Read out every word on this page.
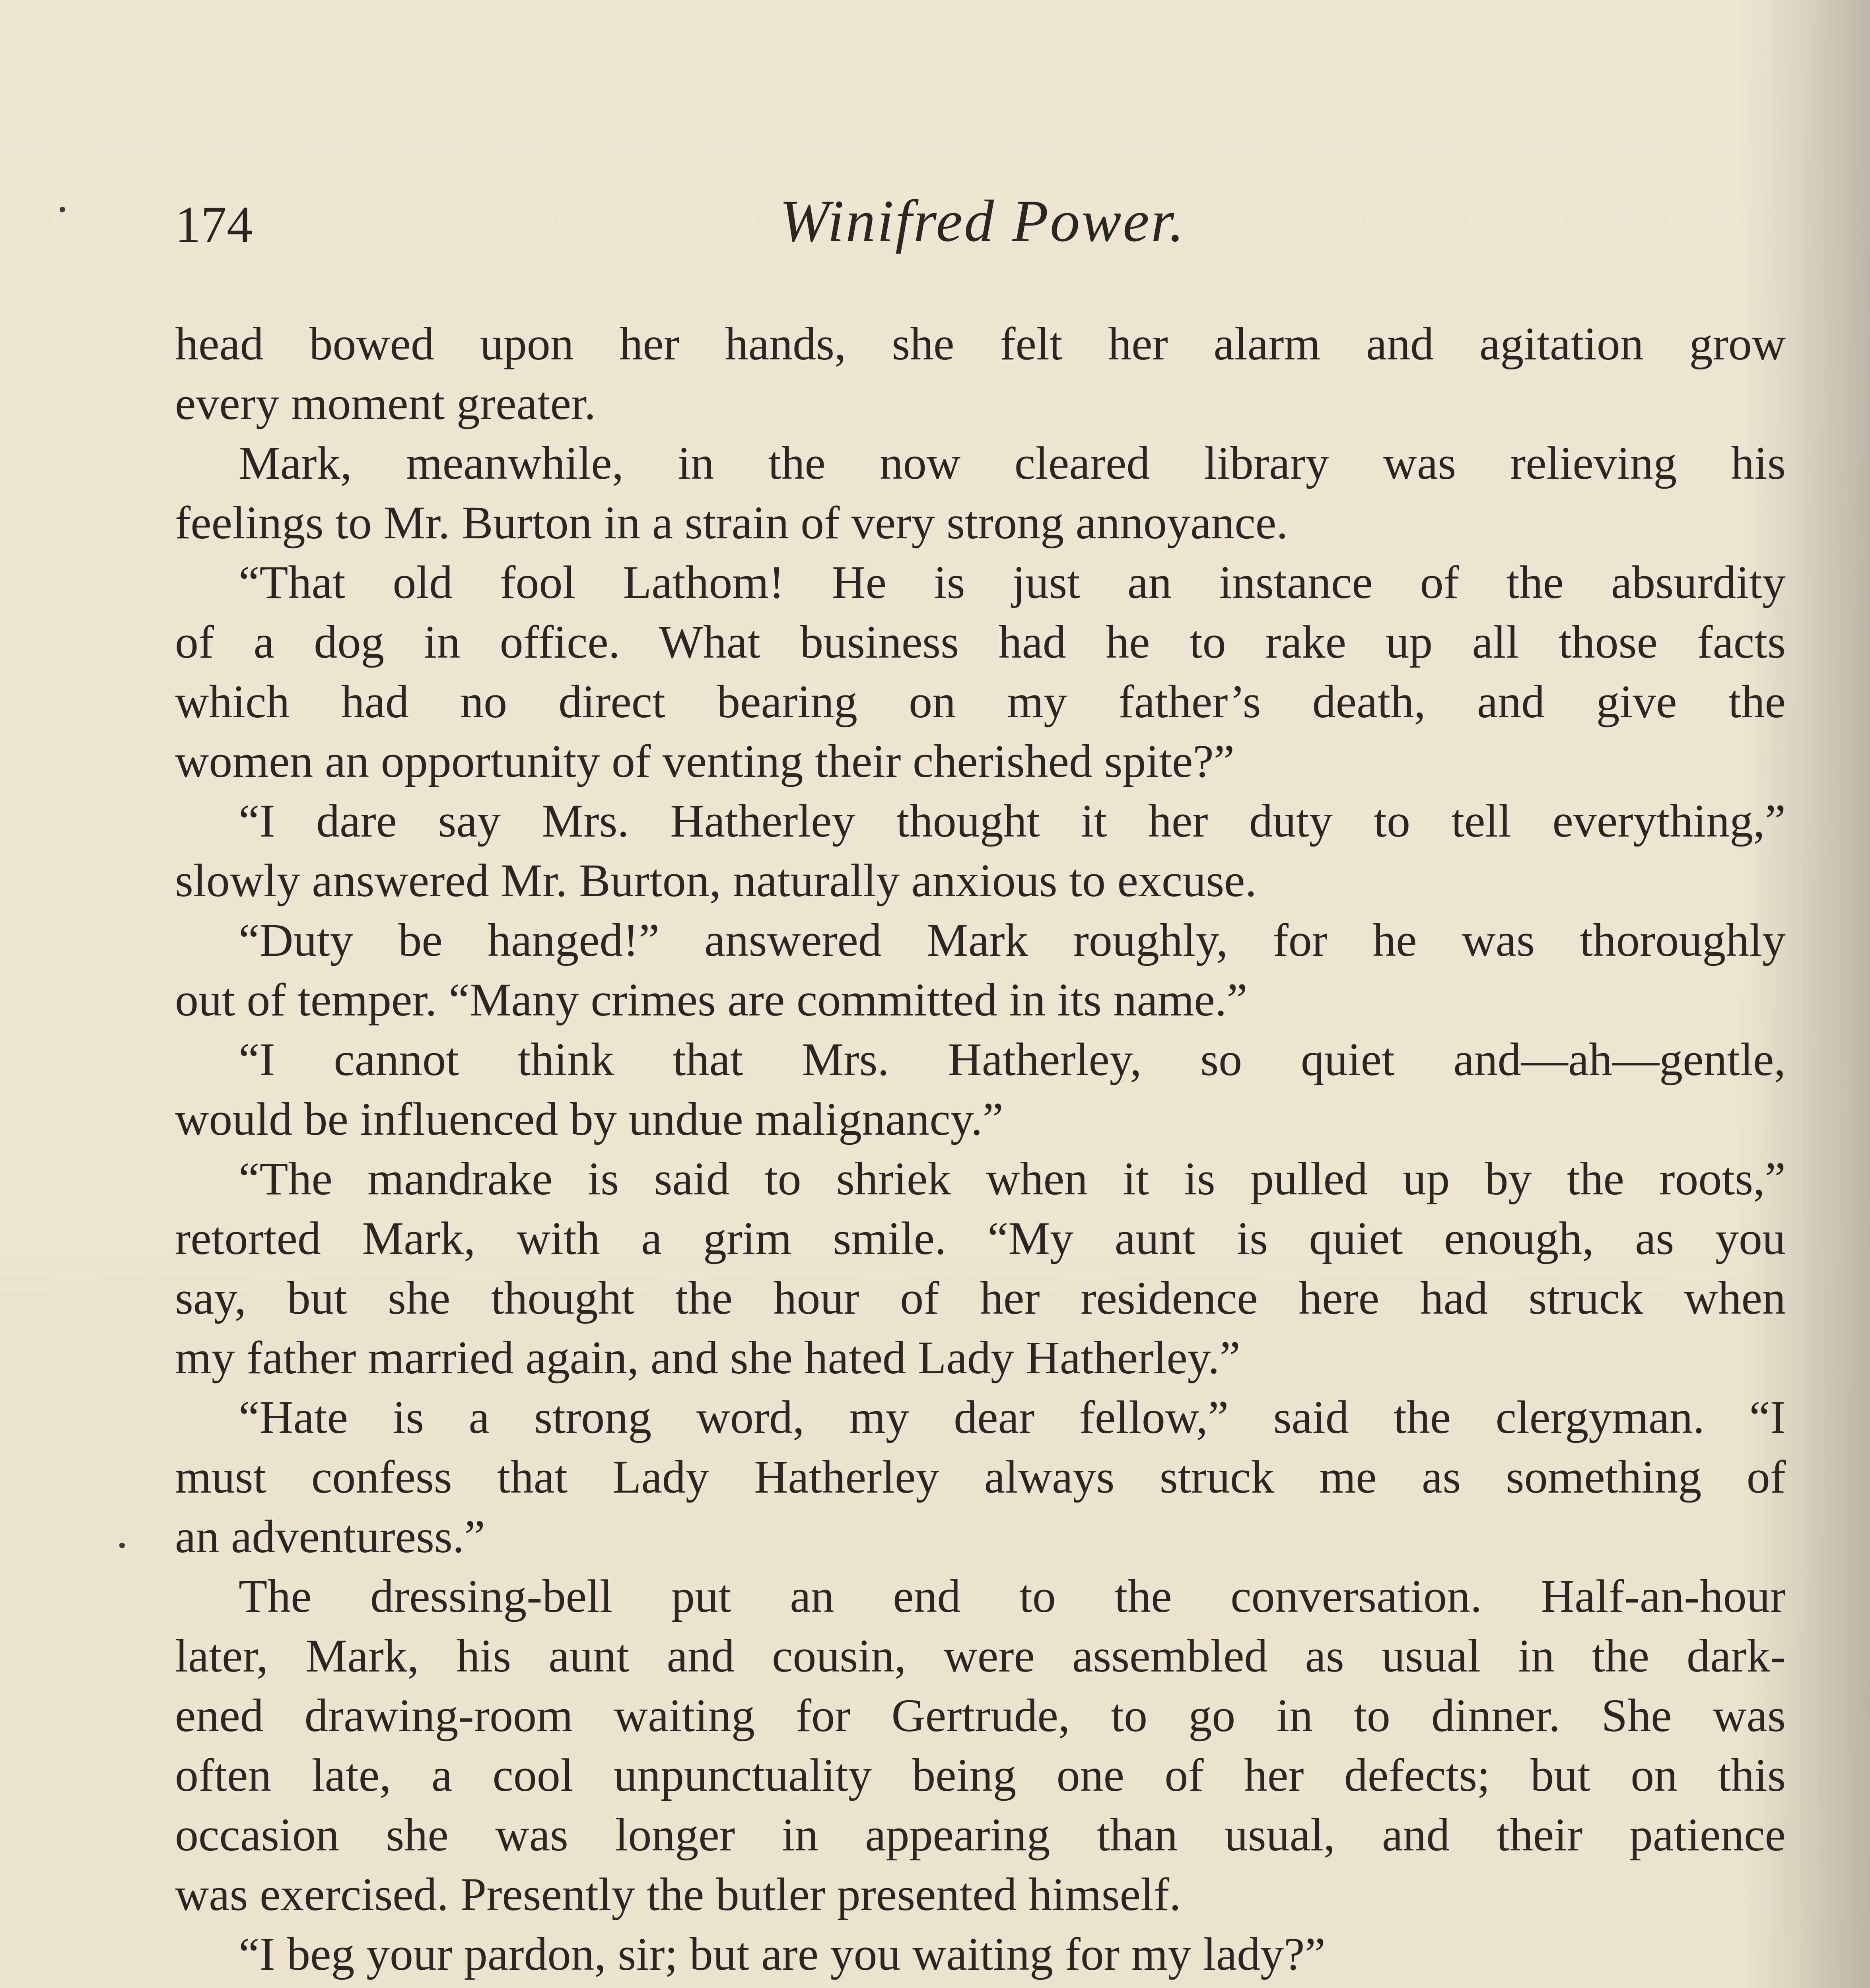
174	Winifred Power.
head bowed upon her hands, she felt her alarm and agitation grow
every moment greater.
Mark, meanwhile, in the now cleared library was relieving his
feelings to Mr. Burton in a strain of very strong annoyance.
“That old fool Lathom! He is just an instance of the absurdity
of a dog in office. What business had he to rake up all those facts
which had no direct bearing on my father’s death, and give the
women an opportunity of venting their cherished spite?”
“I dare say Mrs. Hatherley thought it her duty to tell everything,”
slowly answered Mr. Burton, naturally anxious to excuse.
“Duty be hanged!” answered Mark roughly, for he was thoroughly
out of temper. “Many crimes are committed in its name.”
“I cannot think that Mrs. Hatherley, so quiet and—ah—gentle,
would be influenced by undue malignancy.”
“The mandrake is said to shriek when it is pulled up by the roots,”
retorted Mark, with a grim smile. “My aunt is quiet enough, as you
say, but she thought the hour of her residence here had struck when
my father married again, and she hated Lady Hatherley.”
“Hate is a strong word, my dear fellow,” said the clergyman. “I
must confess that Lady Hatherley always struck me as something of
an adventuress.”
The dressing-bell put an end to the conversation. Half-an-hour
later, Mark, his aunt and cousin, were assembled as usual in the dark-
ened drawing-room waiting for Gertrude, to go in to dinner. She was
often late, a cool unpunctuality being one of her defects; but on this
occasion she was longer in appearing than usual, and their patience
was exercised. Presently the butler presented himself.
“I beg your pardon, sir; but are you waiting for my lady?”
